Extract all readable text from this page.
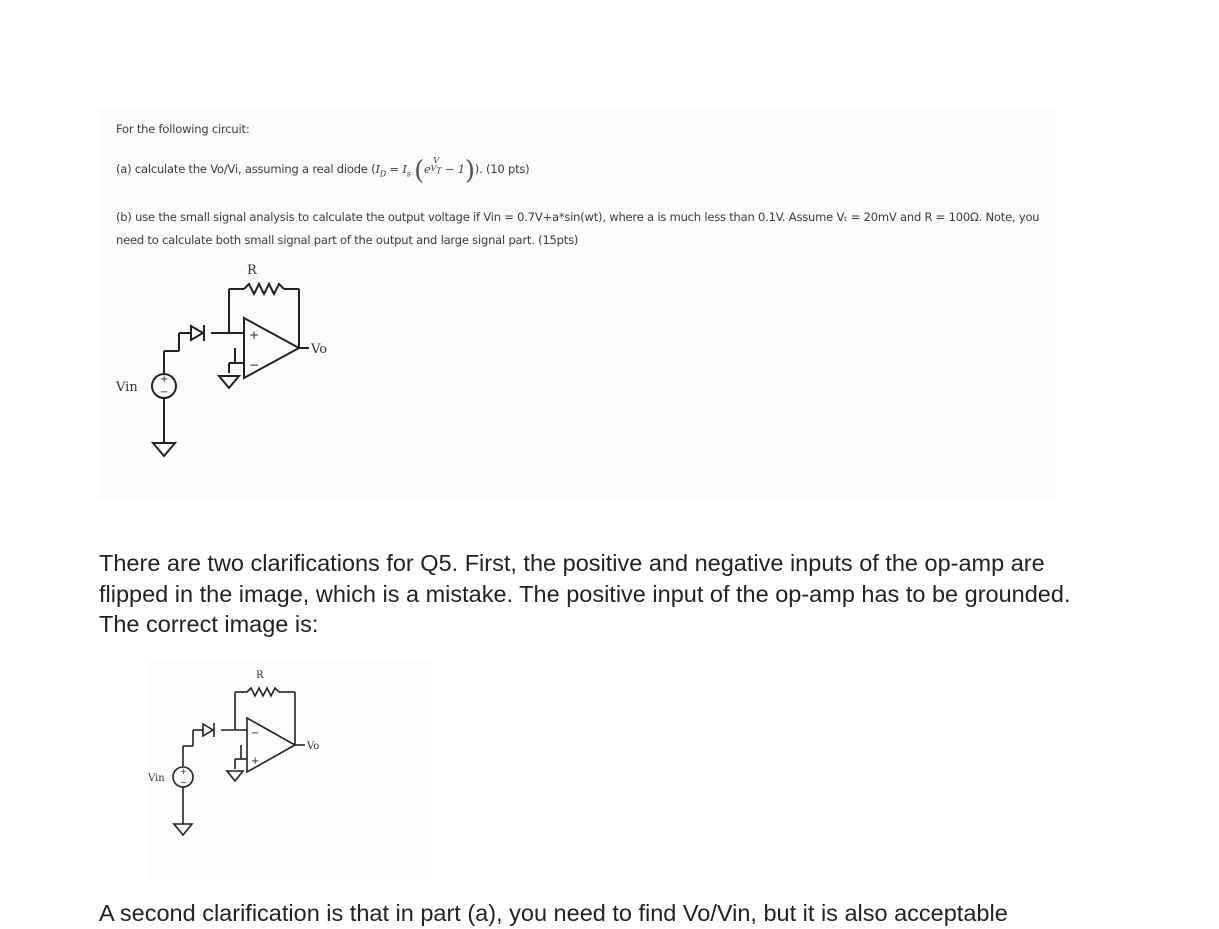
For the following circuit:
(a) calculate the Vo/Vi, assuming a real diode ($I_D = I_s$ (eV
$V_T - 1$)). (10 pts)
(b) use the small signal analysis to calculate the output voltage if Vin = 0.7V+a*sin(wt), where a is much less than 0.1V. Assume Vₜ = 20mV and R = 100Ω. Note, you need to calculate both small signal part of the output and large signal part. (15pts)
R
Vo
Vin
+
−
+
−

There are two clarifications for Q5. First, the positive and negative inputs of the op-amp are flipped in the image, which is a mistake. The positive input of the op-amp has to be grounded. The correct image is:

R
Vo
Vin
−
+
+
−

A second clarification is that in part (a), you need to find Vo/Vin, but it is also acceptable
